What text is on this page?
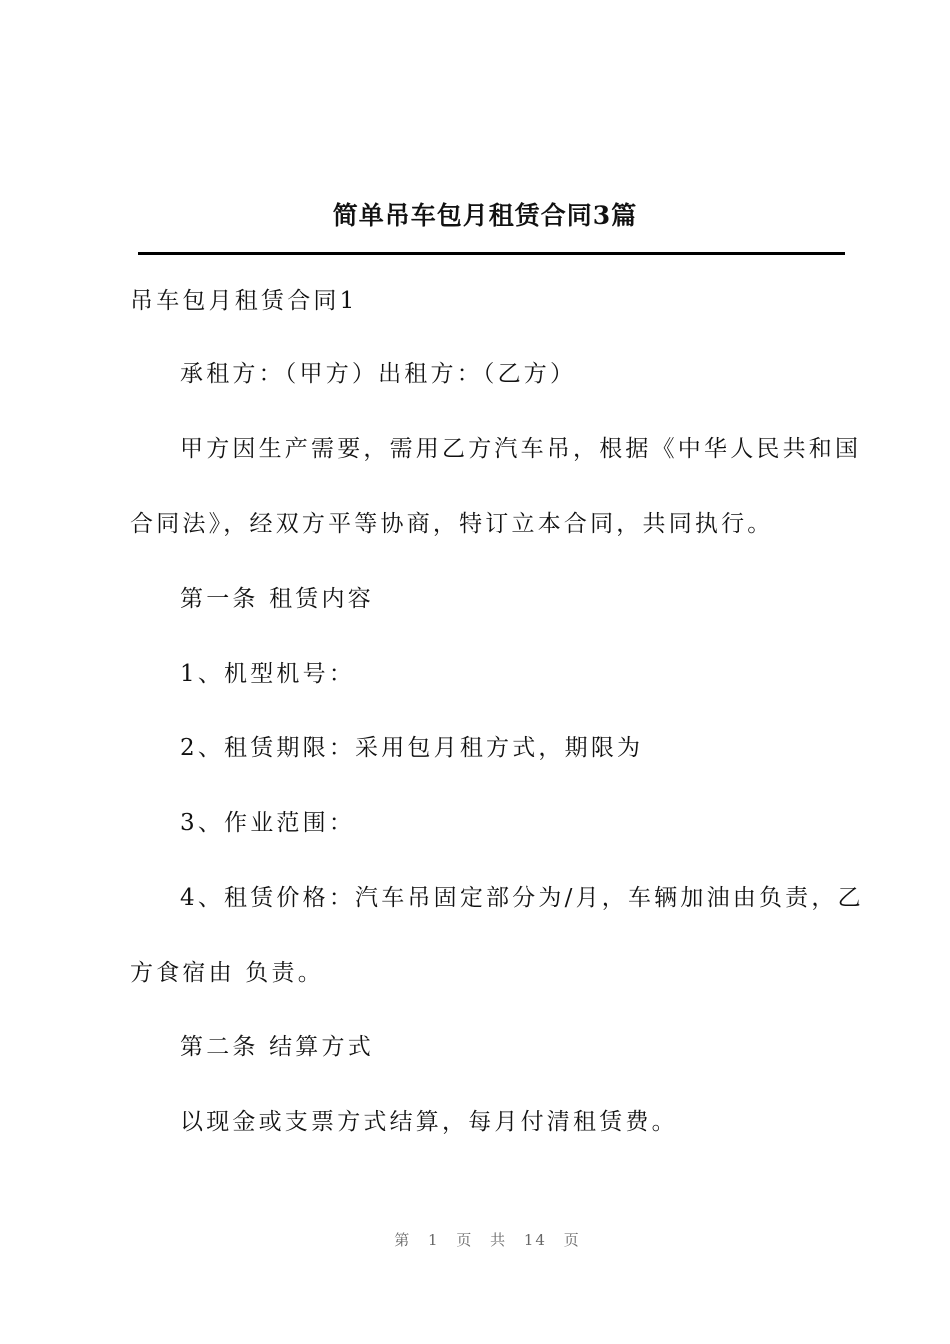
简单吊车包月租赁合同3篇
吊车包月租赁合同1
承租方：（甲方）出租方：（乙方）
甲方因生产需要，需用乙方汽车吊，根据《中华人民共和国
合同法》，经双方平等协商，特订立本合同，共同执行。
第一条 租赁内容
1、机型机号：
2、租赁期限：采用包月租方式，期限为
3、作业范围：
4、租赁价格：汽车吊固定部分为/月，车辆加油由负责，乙
方食宿由 负责。
第二条 结算方式
以现金或支票方式结算，每月付清租赁费。
第 1 页 共 14 页
